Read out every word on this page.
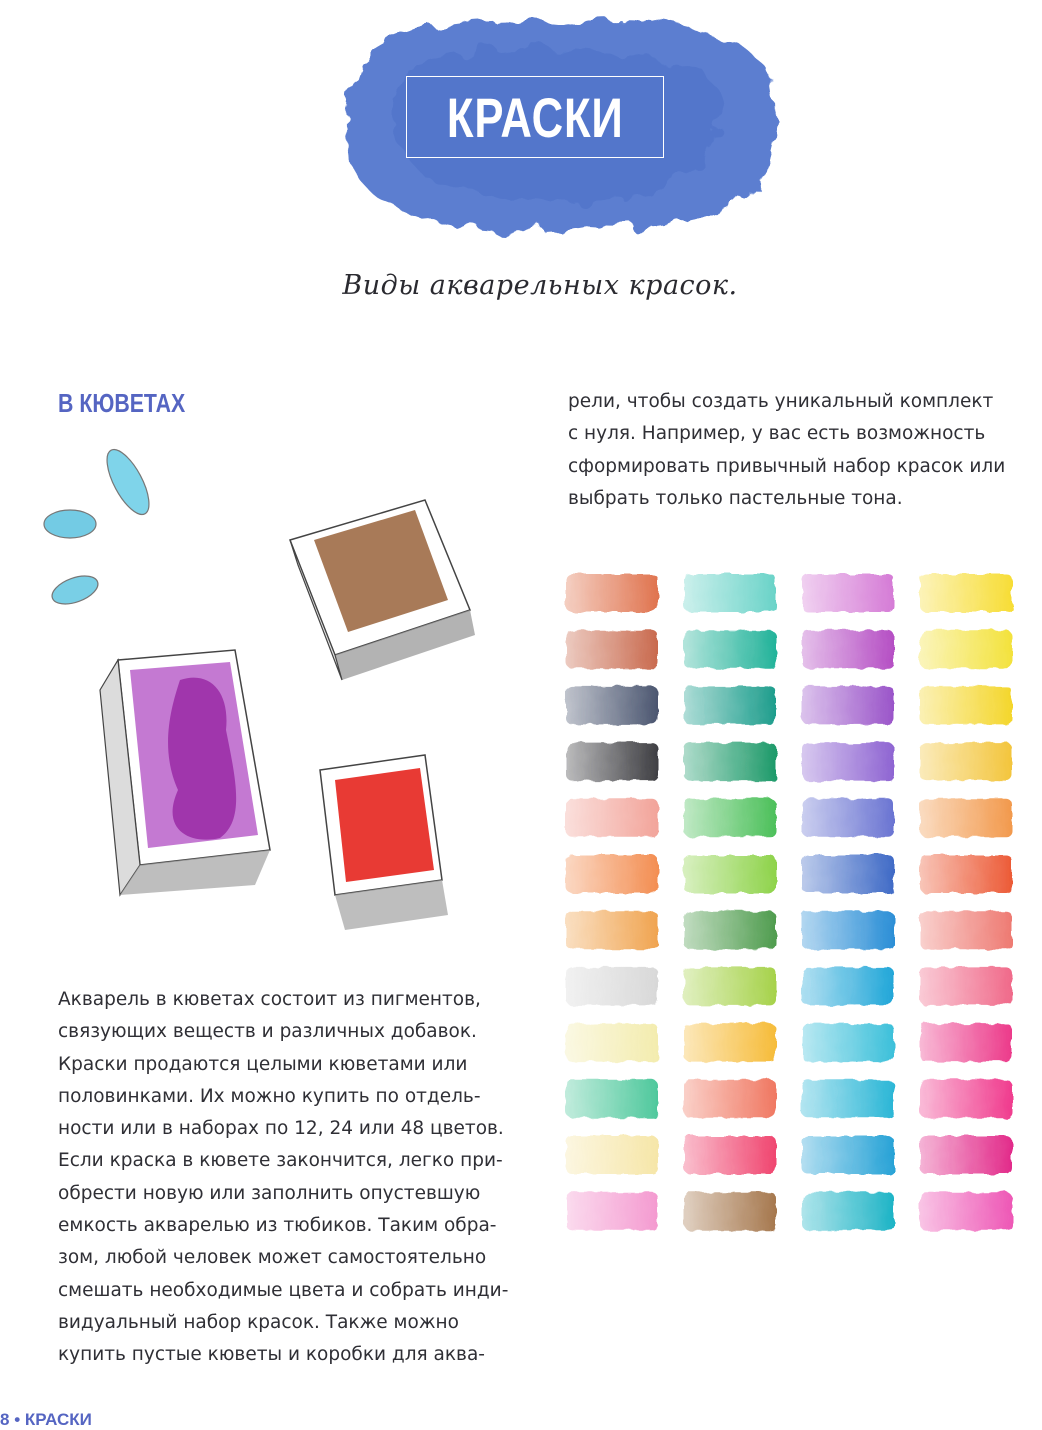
КРАСКИ
Виды акварельных красок.
В КЮВЕТАХ

Акварель в кюветах состоит из пигментов,

связующих веществ и различных добавок.

Краски продаются целыми кюветами или

половинками. Их можно купить по отдель-

ности или в наборах по 12, 24 или 48 цветов.

Если краска в кювете закончится, легко при-

обрести новую или заполнить опустевшую

емкость акварелью из тюбиков. Таким обра-

зом, любой человек может самостоятельно

смешать необходимые цвета и собрать инди-

видуальный набор красок. Также можно

купить пустые кюветы и коробки для аква-

рели, чтобы создать уникальный комплект

с нуля. Например, у вас есть возможность

сформировать привычный набор красок или

выбрать только пастельные тона.

8 • КРАСКИ
